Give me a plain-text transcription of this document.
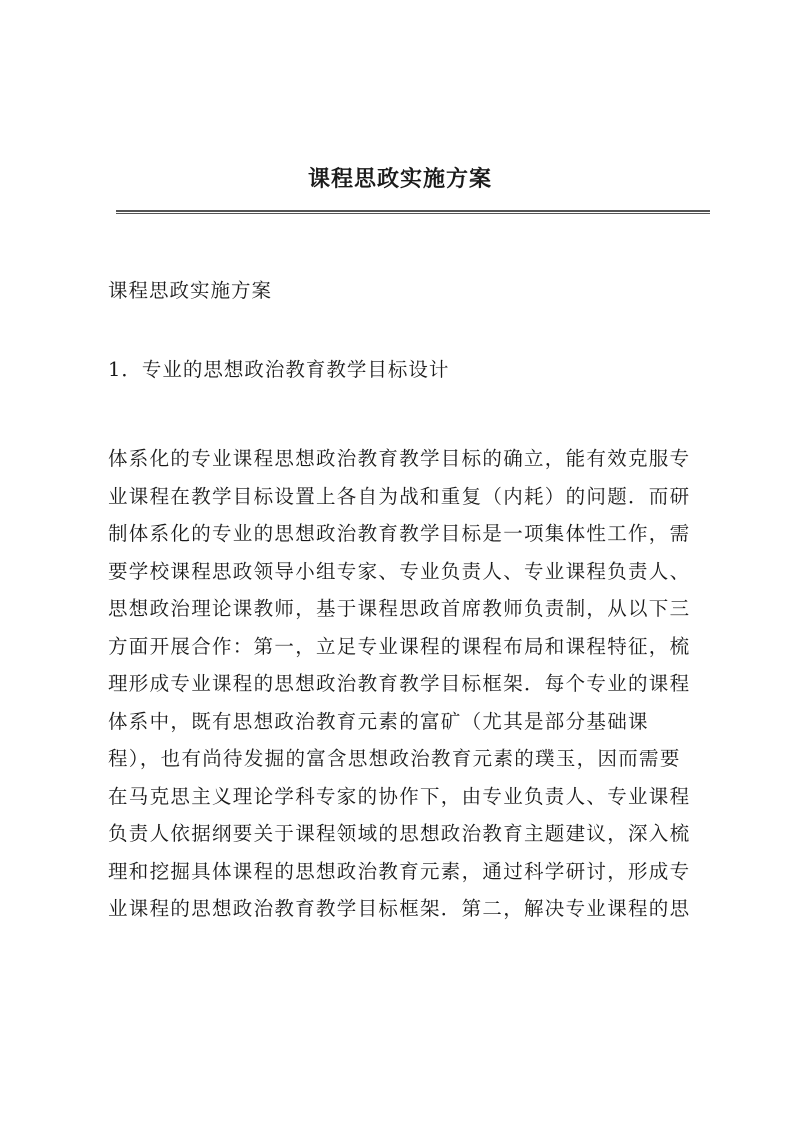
课程思政实施方案
课程思政实施方案
1．专业的思想政治教育教学目标设计
体系化的专业课程思想政治教育教学目标的确立，能有效克服专
业课程在教学目标设置上各自为战和重复（内耗）的问题．而研
制体系化的专业的思想政治教育教学目标是一项集体性工作，需
要学校课程思政领导小组专家、专业负责人、专业课程负责人、
思想政治理论课教师，基于课程思政首席教师负责制，从以下三
方面开展合作：第一，立足专业课程的课程布局和课程特征，梳
理形成专业课程的思想政治教育教学目标框架．每个专业的课程
体系中，既有思想政治教育元素的富矿（尤其是部分基础课
程），也有尚待发掘的富含思想政治教育元素的璞玉，因而需要
在马克思主义理论学科专家的协作下，由专业负责人、专业课程
负责人依据纲要关于课程领域的思想政治教育主题建议，深入梳
理和挖掘具体课程的思想政治教育元素，通过科学研讨，形成专
业课程的思想政治教育教学目标框架．第二，解决专业课程的思
